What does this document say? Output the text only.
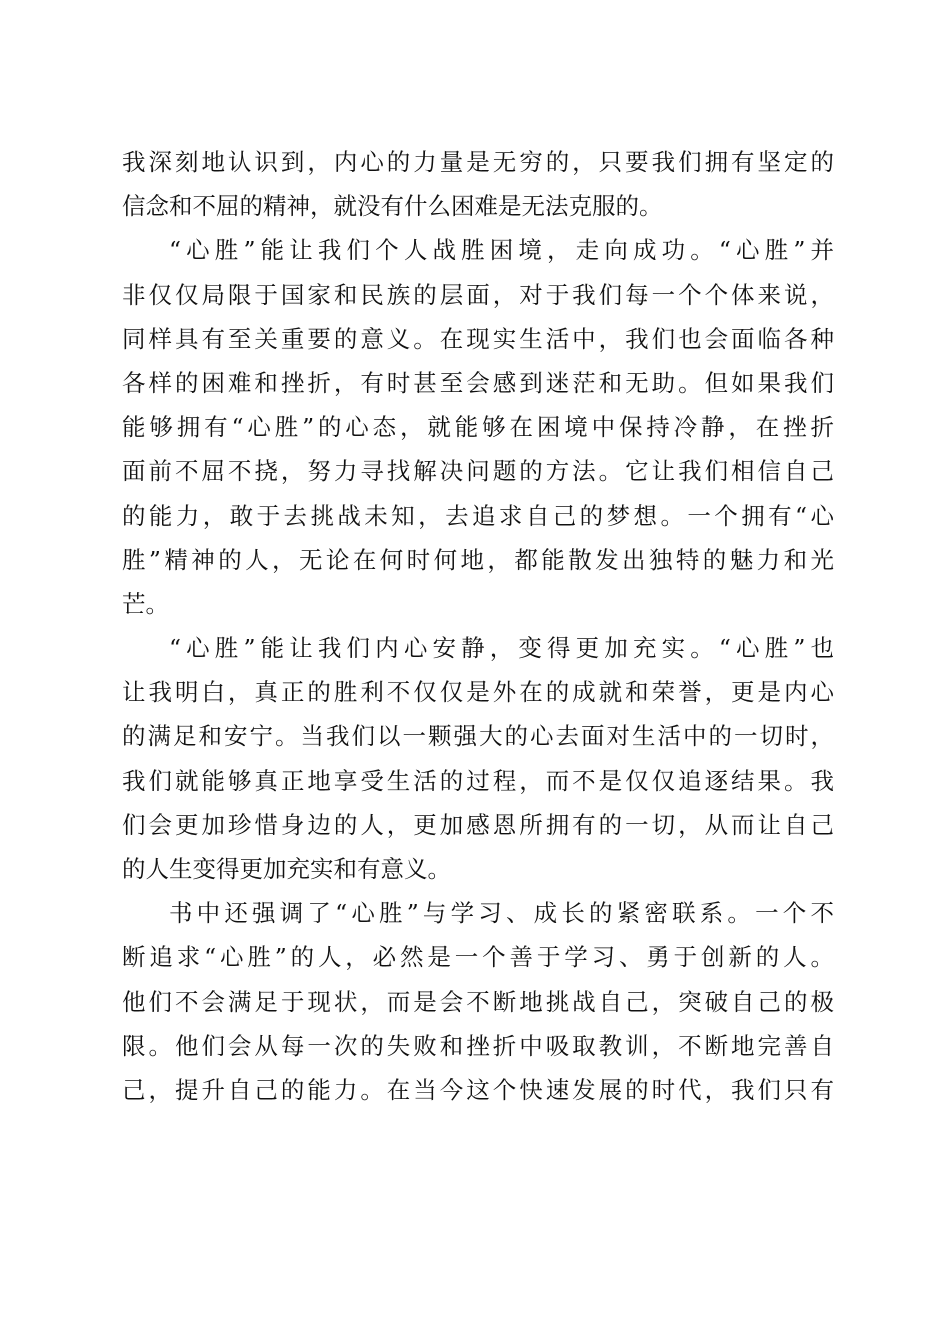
我深刻地认识到，内心的力量是无穷的，只要我们拥有坚定的
信念和不屈的精神，就没有什么困难是无法克服的。
“心胜”能让我们个人战胜困境，走向成功。“心胜”并
非仅仅局限于国家和民族的层面，对于我们每一个个体来说，
同样具有至关重要的意义。在现实生活中，我们也会面临各种
各样的困难和挫折，有时甚至会感到迷茫和无助。但如果我们
能够拥有“心胜”的心态，就能够在困境中保持冷静，在挫折
面前不屈不挠，努力寻找解决问题的方法。它让我们相信自己
的能力，敢于去挑战未知，去追求自己的梦想。一个拥有“心
胜”精神的人，无论在何时何地，都能散发出独特的魅力和光
芒。
“心胜”能让我们内心安静，变得更加充实。“心胜”也
让我明白，真正的胜利不仅仅是外在的成就和荣誉，更是内心
的满足和安宁。当我们以一颗强大的心去面对生活中的一切时，
我们就能够真正地享受生活的过程，而不是仅仅追逐结果。我
们会更加珍惜身边的人，更加感恩所拥有的一切，从而让自己
的人生变得更加充实和有意义。
书中还强调了“心胜”与学习、成长的紧密联系。一个不
断追求“心胜”的人，必然是一个善于学习、勇于创新的人。
他们不会满足于现状，而是会不断地挑战自己，突破自己的极
限。他们会从每一次的失败和挫折中吸取教训，不断地完善自
己，提升自己的能力。在当今这个快速发展的时代，我们只有
